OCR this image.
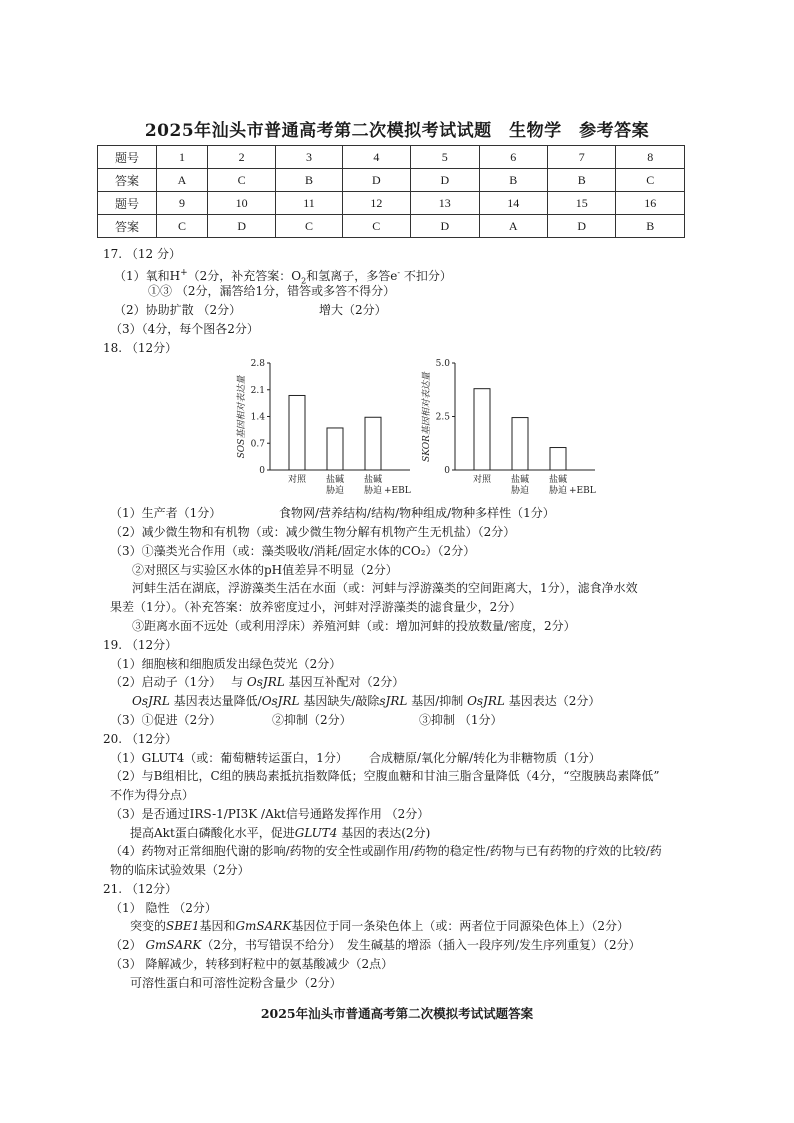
2025年汕头市普通高考第二次模拟考试试题　生物学　参考答案
题号	1	2	3	4	5	6	7	8
答案	A	C	B	D	D	B	B	C
题号	9	10	11	12	13	14	15	16
答案	C	D	C	C	D	A	D	B
17. （12 分）
（1）氧和H+（2分，补充答案：$O_2$和氢离子，多答e- 不扣分）
①③ （2分，漏答给1分，错答或多答不得分）
（2）协助扩散 （2分）	增大（2分）
（3）（4分，每个图各2分）
18. （12分）
SOS基因相对表达量
0
0.7
1.4
2.1
2.8
对照 盐碱
胁迫
盐碱
胁迫 +EBL
SKOR基因相对表达量
0
2.5
5.0
对照 盐碱
胁迫
盐碱
胁迫 +EBL
（1）生产者（1分）	食物网/营养结构/结构/物种组成/物种多样性（1分）
（2）减少微生物和有机物（或：减少微生物分解有机物产生无机盐）（2分）
（3）①藻类光合作用（或：藻类吸收/消耗/固定水体的CO₂）（2分）
②对照区与实验区水体的pH值差异不明显（2分）
河蚌生活在湖底，浮游藻类生活在水面（或：河蚌与浮游藻类的空间距离大，1分），滤食净水效
果差（1分）。（补充答案：放养密度过小，河蚌对浮游藻类的滤食量少，2分）
③距离水面不远处（或利用浮床）养殖河蚌（或：增加河蚌的投放数量/密度，2分）
19. （12分）
（1）细胞核和细胞质发出绿色荧光（2分）
（2）启动子（1分）　 与 OsJRL 基因互补配对（2分）
OsJRL 基因表达量降低/OsJRL 基因缺失/敲除sJRL 基因/抑制 OsJRL 基因表达（2分）
（3）①促进（2分）	②抑制（2分）	③抑制 （1分）
20. （12分）
（1）GLUT4（或：葡萄糖转运蛋白，1分） 合成糖原/氧化分解/转化为非糖物质（1分）
（2）与B组相比，C组的胰岛素抵抗指数降低；空腹血糖和甘油三脂含量降低（4分，“空腹胰岛素降低”
不作为得分点）
（3）是否通过IRS-1/PI3K /Akt信号通路发挥作用 （2分）
提高Akt蛋白磷酸化水平，促进GLUT4 基因的表达(2分)
（4）药物对正常细胞代谢的影响/药物的安全性或副作用/药物的稳定性/药物与已有药物的疗效的比较/药
物的临床试验效果（2分）
21. （12分）
（1） 隐性 （2分）
突变的SBE1基因和GmSARK基因位于同一条染色体上（或：两者位于同源染色体上）（2分）
（2） GmSARK（2分，书写错误不给分）　发生碱基的增添（插入一段序列/发生序列重复）（2分）
（3） 降解减少，转移到籽粒中的氨基酸减少（2点）
可溶性蛋白和可溶性淀粉含量少（2分）
2025年汕头市普通高考第二次模拟考试试题答案
